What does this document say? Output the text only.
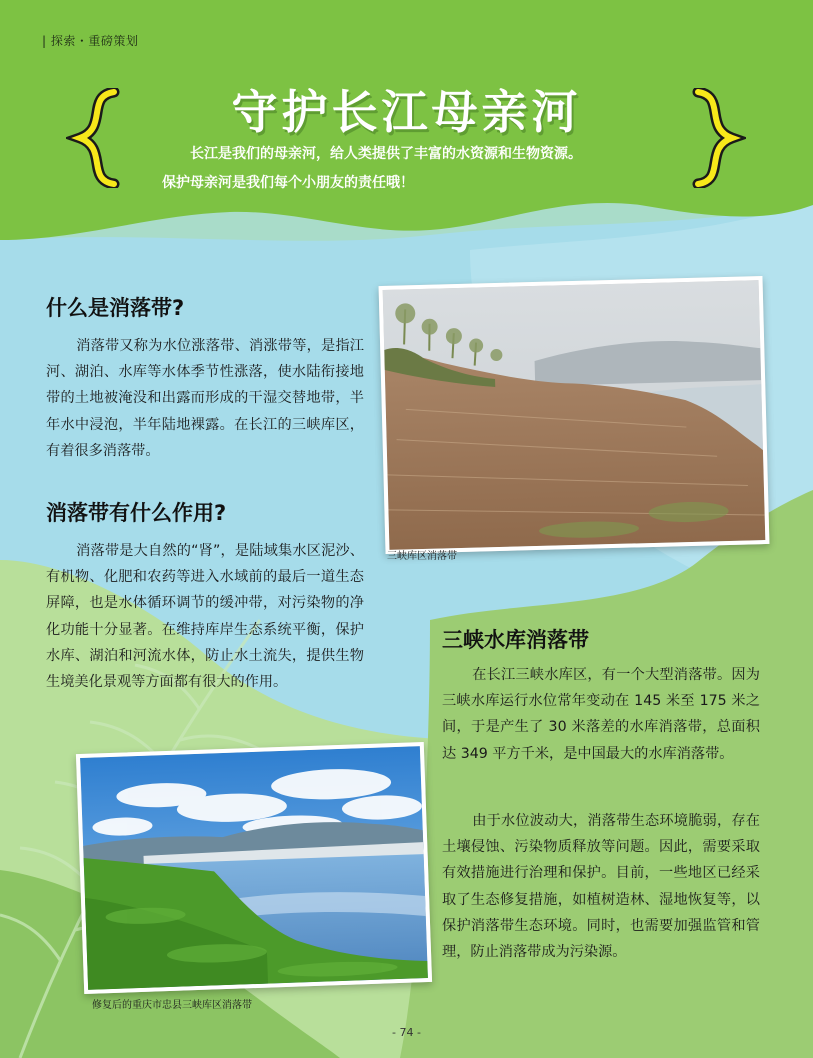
| 探索・重磅策划
守护长江母亲河
长江是我们的母亲河，给人类提供了丰富的水资源和生物资源。
保护母亲河是我们每个小朋友的责任哦！
什么是消落带?

消落带又称为水位涨落带、消涨带等，是指江河、湖泊、水库等水体季节性涨落，使水陆衔接地带的土地被淹没和出露而形成的干湿交替地带，半年水中浸泡，半年陆地裸露。在长江的三峡库区，有着很多消落带。

消落带有什么作用?

消落带是大自然的“肾”，是陆域集水区泥沙、有机物、化肥和农药等进入水域前的最后一道生态屏障，也是水体循环调节的缓冲带，对污染物的净化功能十分显著。在维持库岸生态系统平衡，保护水库、湖泊和河流水体，防止水土流失，提供生物生境美化景观等方面都有很大的作用。

三峡水库消落带

在长江三峡水库区，有一个大型消落带。因为三峡水库运行水位常年变动在 145 米至 175 米之间，于是产生了 30 米落差的水库消落带，总面积达 349 平方千米，是中国最大的水库消落带。

由于水位波动大，消落带生态环境脆弱，存在土壤侵蚀、污染物质释放等问题。因此，需要采取有效措施进行治理和保护。目前，一些地区已经采取了生态修复措施，如植树造林、湿地恢复等，以保护消落带生态环境。同时，也需要加强监管和管理，防止消落带成为污染源。

三峡库区消落带
修复后的重庆市忠县三峡库区消落带
- 74 -
